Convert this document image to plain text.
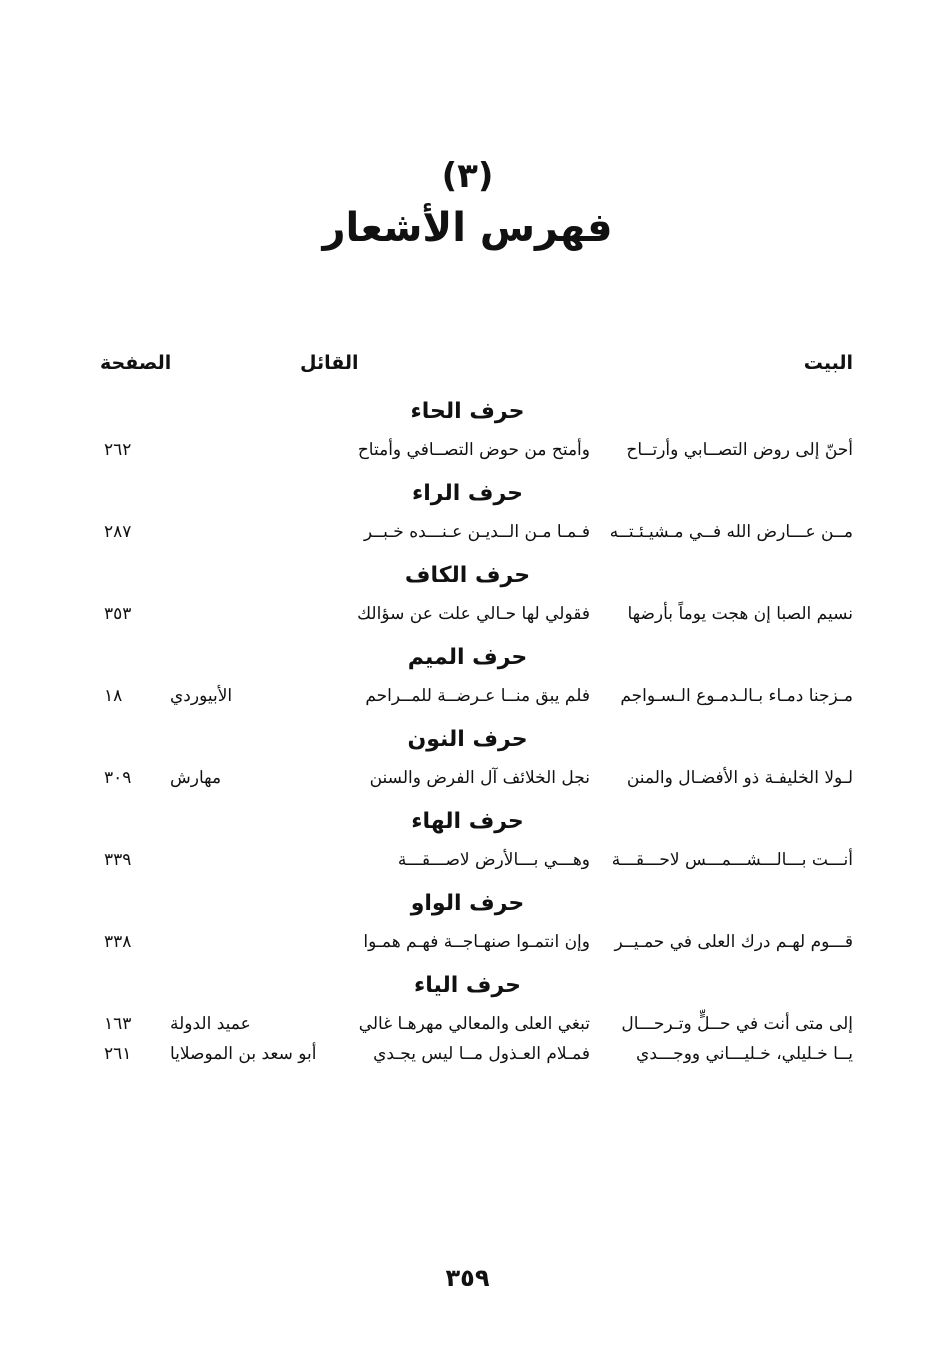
(٣)
فهرس الأشعار
البيت
القائل
الصفحة
حرف الحاء
أحنّ إلى روض التصــابي وأرتــاح
وأمتح من حوض التصــافي وأمتاح
٢٦٢
حرف الراء
مــن عـــارض الله فــي مـشيـئـتــه
فـمـا مـن الــديـن عـنـــده خـبــر
٢٨٧
حرف الكاف
نسيم الصبا إن هجت يوماً بأرضها
فقولي لها حـالي علت عن سؤالك
٣٥٣
حرف الميم
مـزجنا دمـاء بـالـدمـوع الـسـواجم
فلم يبق منــا عـرضــة للمــراحم
الأبيوردي
١٨
حرف النون
لـولا الخليفـة ذو الأفضـال والمنن
نجل الخلائف آل الفرض والسنن
مهارش
٣٠٩
حرف الهاء
أنـــت بـــالـــشـــمـــس لاحـــقـــة
وهـــي بـــالأرض لاصـــقـــة
٣٣٩
حرف الواو
قـــوم لهـم درك العلى في حمـيــر
وإن انتمـوا صنهـاجــة فهـم همـوا
٣٣٨
حرف الياء
إلى متى أنت في حــلٍّ وتـرحـــال
تبغي العلى والمعالي مهرهـا غالي
عميد الدولة
١٦٣
يــا خـليلي، خـليـــاني ووجـــدي
فمـلام العـذول مــا ليس يجـدي
أبو سعد بن الموصلايا
٢٦١
٣٥٩
